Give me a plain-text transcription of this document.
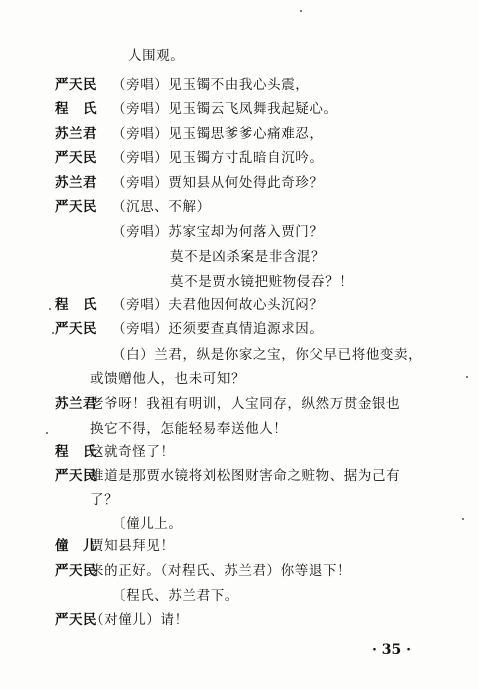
人围观。
严天民 （旁唱）见玉镯不由我心头震，
程　氏 （旁唱）见玉镯云飞凤舞我起疑心。
苏兰君 （旁唱）见玉镯思爹爹心痛难忍，
严天民 （旁唱）见玉镯方寸乱暗自沉吟。
苏兰君 （旁唱）贾知县从何处得此奇珍？
严天民 （沉思、不解）
（旁唱）苏家宝却为何落入贾门？
莫不是凶杀案是非含混？
莫不是贾水镜把赃物侵吞？！
程　氏 （旁唱）夫君他因何故心头沉闷？
严天民 （旁唱）还须要查真情追源求因。
（白）兰君，纵是你家之宝，你父早已将他变卖，
或馈赠他人，也未可知？
苏兰君
老爷呀！我祖有明训，人宝同存，纵然万贯金银也
换它不得，怎能轻易奉送他人！
程　氏
这就奇怪了！
严天民
难道是那贾水镜将刘松图财害命之赃物、据为己有
了？
〔僮儿上。
僮　儿
贾知县拜见！
严天民
来的正好。（对程氏、苏兰君）你等退下！
〔程氏、苏兰君下。
严天民
（对僮儿）请！
· 35 ·
